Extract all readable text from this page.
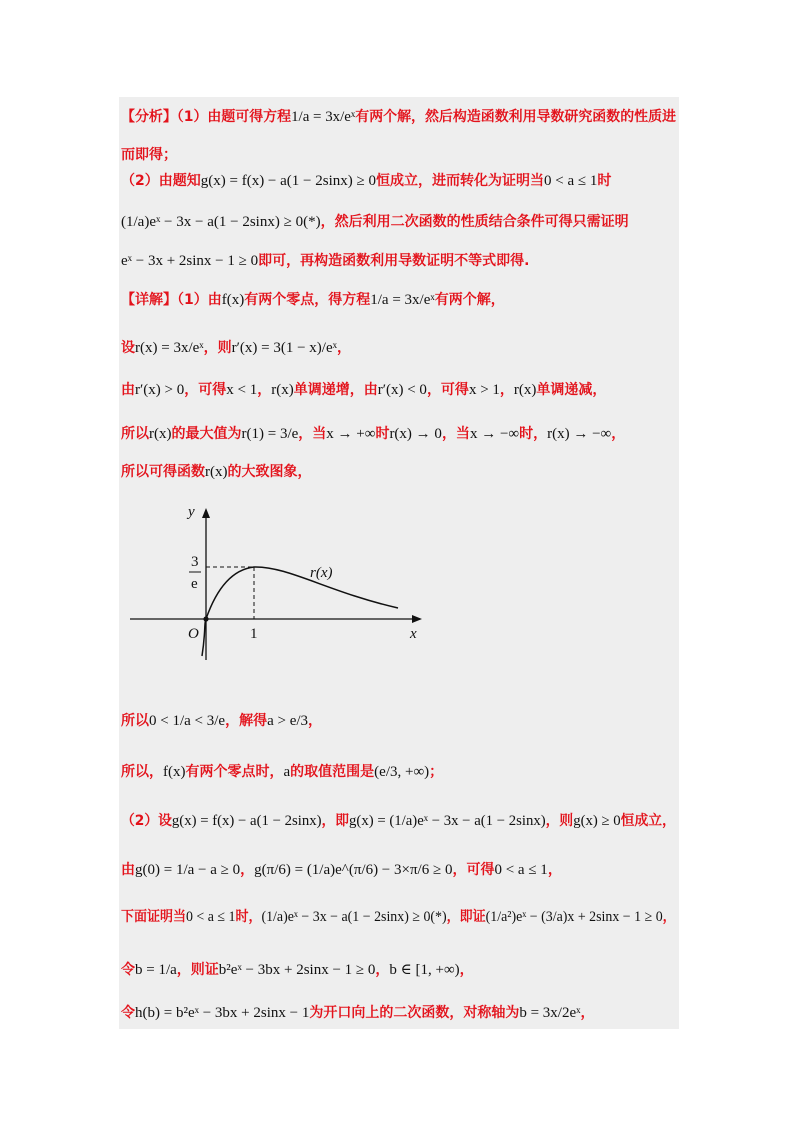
【分析】（1）由题可得方程1/a = 3x/eˣ有两个解，然后构造函数利用导数研究函数的性质进
而即得；
（2）由题知g(x) = f(x) − a(1 − 2sinx) ≥ 0恒成立，进而转化为证明当0 < a ≤ 1时
(1/a)eˣ − 3x − a(1 − 2sinx) ≥ 0(*)，然后利用二次函数的性质结合条件可得只需证明
eˣ − 3x + 2sinx − 1 ≥ 0即可，再构造函数利用导数证明不等式即得.
【详解】（1）由f(x)有两个零点，得方程1/a = 3x/eˣ有两个解，
设r(x) = 3x/eˣ，则r′(x) = 3(1 − x)/eˣ，
由r′(x) > 0，可得x < 1，r(x)单调递增，由r′(x) < 0，可得x > 1，r(x)单调递减，
所以r(x)的最大值为r(1) = 3/e，当x → +∞时r(x) → 0，当x → −∞时，r(x) → −∞，
所以可得函数r(x)的大致图象，
所以0 < 1/a < 3/e，解得a > e/3，
所以，f(x)有两个零点时，a的取值范围是(e/3, +∞)；
（2）设g(x) = f(x) − a(1 − 2sinx)，即g(x) = (1/a)eˣ − 3x − a(1 − 2sinx)，则g(x) ≥ 0恒成立，
由g(0) = 1/a − a ≥ 0，g(π/6) = (1/a)e^(π/6) − 3×π/6 ≥ 0，可得0 < a ≤ 1，
下面证明当0 < a ≤ 1时，(1/a)eˣ − 3x − a(1 − 2sinx) ≥ 0(*)，即证(1/a²)eˣ − (3/a)x + 2sinx − 1 ≥ 0，
令b = 1/a，则证b²eˣ − 3bx + 2sinx − 1 ≥ 0，b ∈ [1, +∞)，
令h(b) = b²eˣ − 3bx + 2sinx − 1为开口向上的二次函数，对称轴为b = 3x/2eˣ，
y
x
O
3
e
1
r(x)
